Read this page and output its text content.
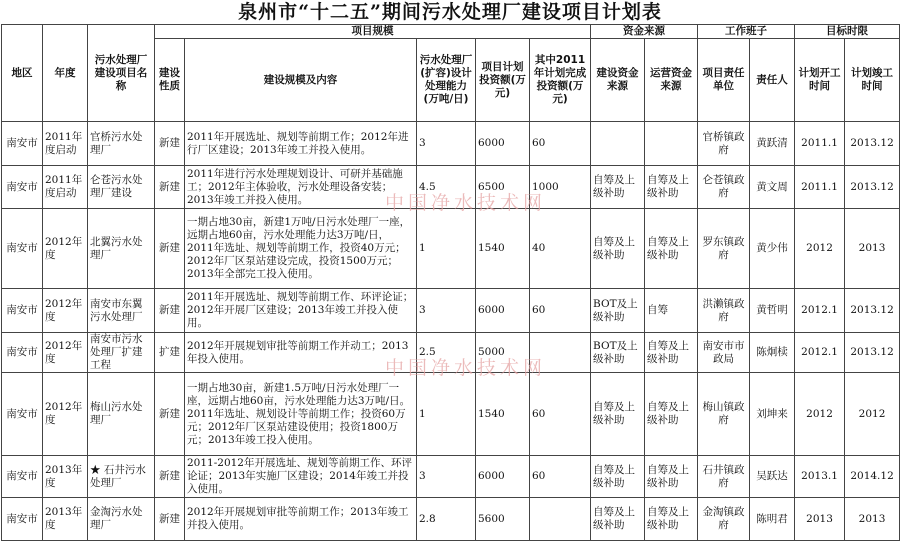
泉州市“十二五”期间污水处理厂建设项目计划表
地区	年度	污水处理厂建设项目名称	项目规模					资金来源		工作班子		目标时限	
			建设性质	建设规模及内容	污水处理厂(扩容)设计处理能力(万吨/日)	项目计划投资额(万元)	其中2011年计划完成投资额(万元)	建设资金来源	运营资金来源	项目责任单位	责任人	计划开工时间	计划竣工时间
南安市	2011年度启动	官桥污水处理厂	新建	2011年开展选址、规划等前期工作；2012年进行厂区建设；2013年竣工并投入使用。	3	6000	60			官桥镇政府	黄跃清	2011.1	2013.12
南安市	2011年度启动	仑苍污水处理厂建设	新建	2011年进行污水处理规划设计、可研并基础施工；2012年主体验收，污水处理设备安装；2013年竣工并投入使用。	4.5	6500	1000	自筹及上级补助	自筹及上级补助	仑苍镇政府	黄文周	2011.1	2013.12
南安市	2012年度	北翼污水处理厂	新建	一期占地30亩，新建1万吨/日污水处理厂一座，远期占地60亩，污水处理能力达3万吨/日，2011年选址、规划等前期工作，投资40万元；2012年厂区泵站建设完成，投资1500万元；2013年全部完工投入使用。	1	1540	40	自筹及上级补助	自筹及上级补助	罗东镇政府	黄少伟	2012	2013
南安市	2012年度	南安市东翼污水处理厂	新建	2011年开展选址、规划等前期工作、环评论证；2012年开展厂区建设；2013年竣工并投入使用。	3	6000	60	BOT及上级补助	自筹	洪濑镇政府	黄哲明	2012.1	2013.12
南安市	2012年度	南安市污水处理厂扩建工程	扩建	2012年开展规划审批等前期工作并动工；2013年投入使用。	2.5	5000		BOT及上级补助	自筹及上级补助	南安市市政局	陈炯椟	2012.1	2013.12
南安市	2012年度	梅山污水处理厂	新建	一期占地30亩，新建1.5万吨/日污水处理厂一座，远期占地60亩，污水处理能力达3万吨/日。2011年选址、规划设计等前期工作；投资60万元；2012年厂区泵站建设使用；投资1800万元；2013年竣工投入使用。	1	1540	60	自筹及上级补助	自筹及上级补助	梅山镇政府	刘坤来	2012	2012
南安市	2013年度	★ 石井污水处理厂	新建	2011-2012年开展选址、规划等前期工作、环评论证；2013年实施厂区建设；2014年竣工并投入使用。	3	6000	60	自筹及上级补助	自筹及上级补助	石井镇政府	吴跃达	2013.1	2014.12
南安市	2013年度	金淘污水处理厂	新建	2012年开展规划审批等前期工作；2013年竣工并投入使用。	2.8	5600		自筹及上级补助	自筹及上级补助	金淘镇政府	陈明君	2013	2013
中国净水技术网
中国净水技术网
